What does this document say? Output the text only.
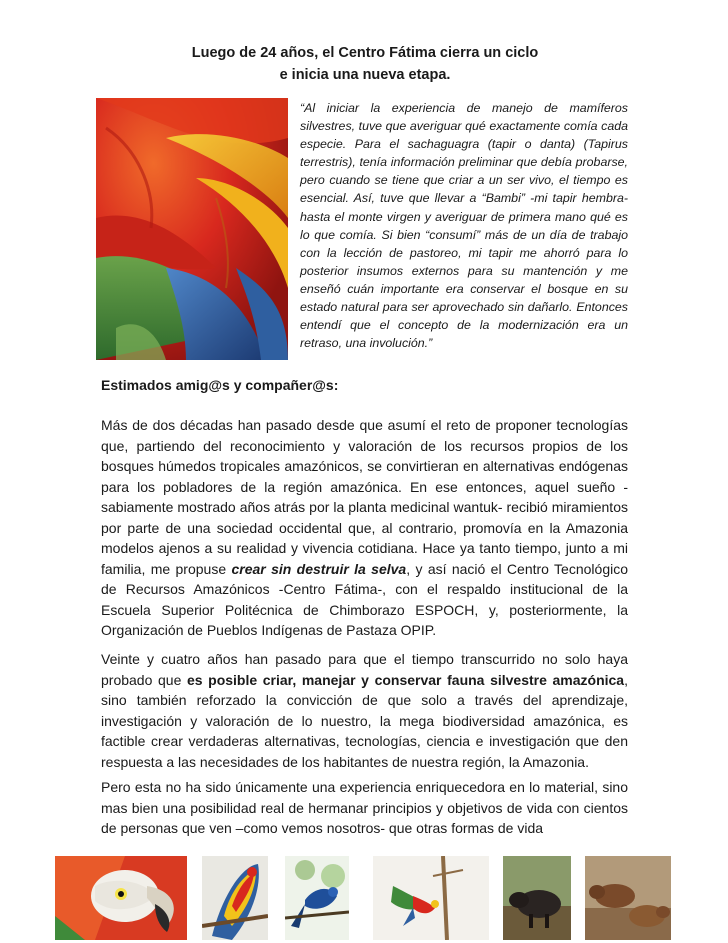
Luego de 24 años, el Centro Fátima cierra un ciclo
e inicia una nueva etapa.

“Al iniciar la experiencia de manejo de mamíferos silvestres, tuve que averiguar qué exactamente comía cada especie. Para el sachaguagra (tapir o danta) (Tapirus terrestris), tenía información preliminar que debía probarse, pero cuando se tiene que criar a un ser vivo, el tiempo es esencial. Así, tuve que llevar a “Bambi” -mi tapir hembra- hasta el monte virgen y averiguar de primera mano qué es lo que comía. Si bien “consumí” más de un día de trabajo con la lección de pastoreo, mi tapir me ahorró para lo posterior insumos externos para su mantención y me enseñó cuán importante era conservar el bosque en su estado natural para ser aprovechado sin dañarlo. Entonces entendí que el concepto de la modernización era un retraso, una involución.”

Estimados amig@s y compañer@s:

Más de dos décadas han pasado desde que asumí el reto de proponer tecnologías que, partiendo del reconocimiento y valoración de los recursos propios de los bosques húmedos tropicales amazónicos, se convirtieran en alternativas endógenas para los pobladores de la región amazónica. En ese entonces, aquel sueño -sabiamente mostrado años atrás por la planta medicinal wantuk- recibió miramientos por parte de una sociedad occidental que, al contrario, promovía en la Amazonia modelos ajenos a su realidad y vivencia cotidiana. Hace ya tanto tiempo, junto a mi familia, me propuse crear sin destruir la selva, y así nació el Centro Tecnológico de Recursos Amazónicos -Centro Fátima-, con el respaldo institucional de la Escuela Superior Politécnica de Chimborazo ESPOCH, y, posteriormente, la Organización de Pueblos Indígenas de Pastaza OPIP.

Veinte y cuatro años han pasado para que el tiempo transcurrido no solo haya probado que es posible criar, manejar y conservar fauna silvestre amazónica, sino también reforzado la convicción de que solo a través del aprendizaje, investigación y valoración de lo nuestro, la mega biodiversidad amazónica, es factible crear verdaderas alternativas, tecnologías, ciencia e investigación que den respuesta a las necesidades de los habitantes de nuestra región, la Amazonia.

Pero esta no ha sido únicamente una experiencia enriquecedora en lo material, sino mas bien una posibilidad real de hermanar principios y objetivos de vida con cientos de personas que ven –como vemos nosotros- que otras formas de vida
